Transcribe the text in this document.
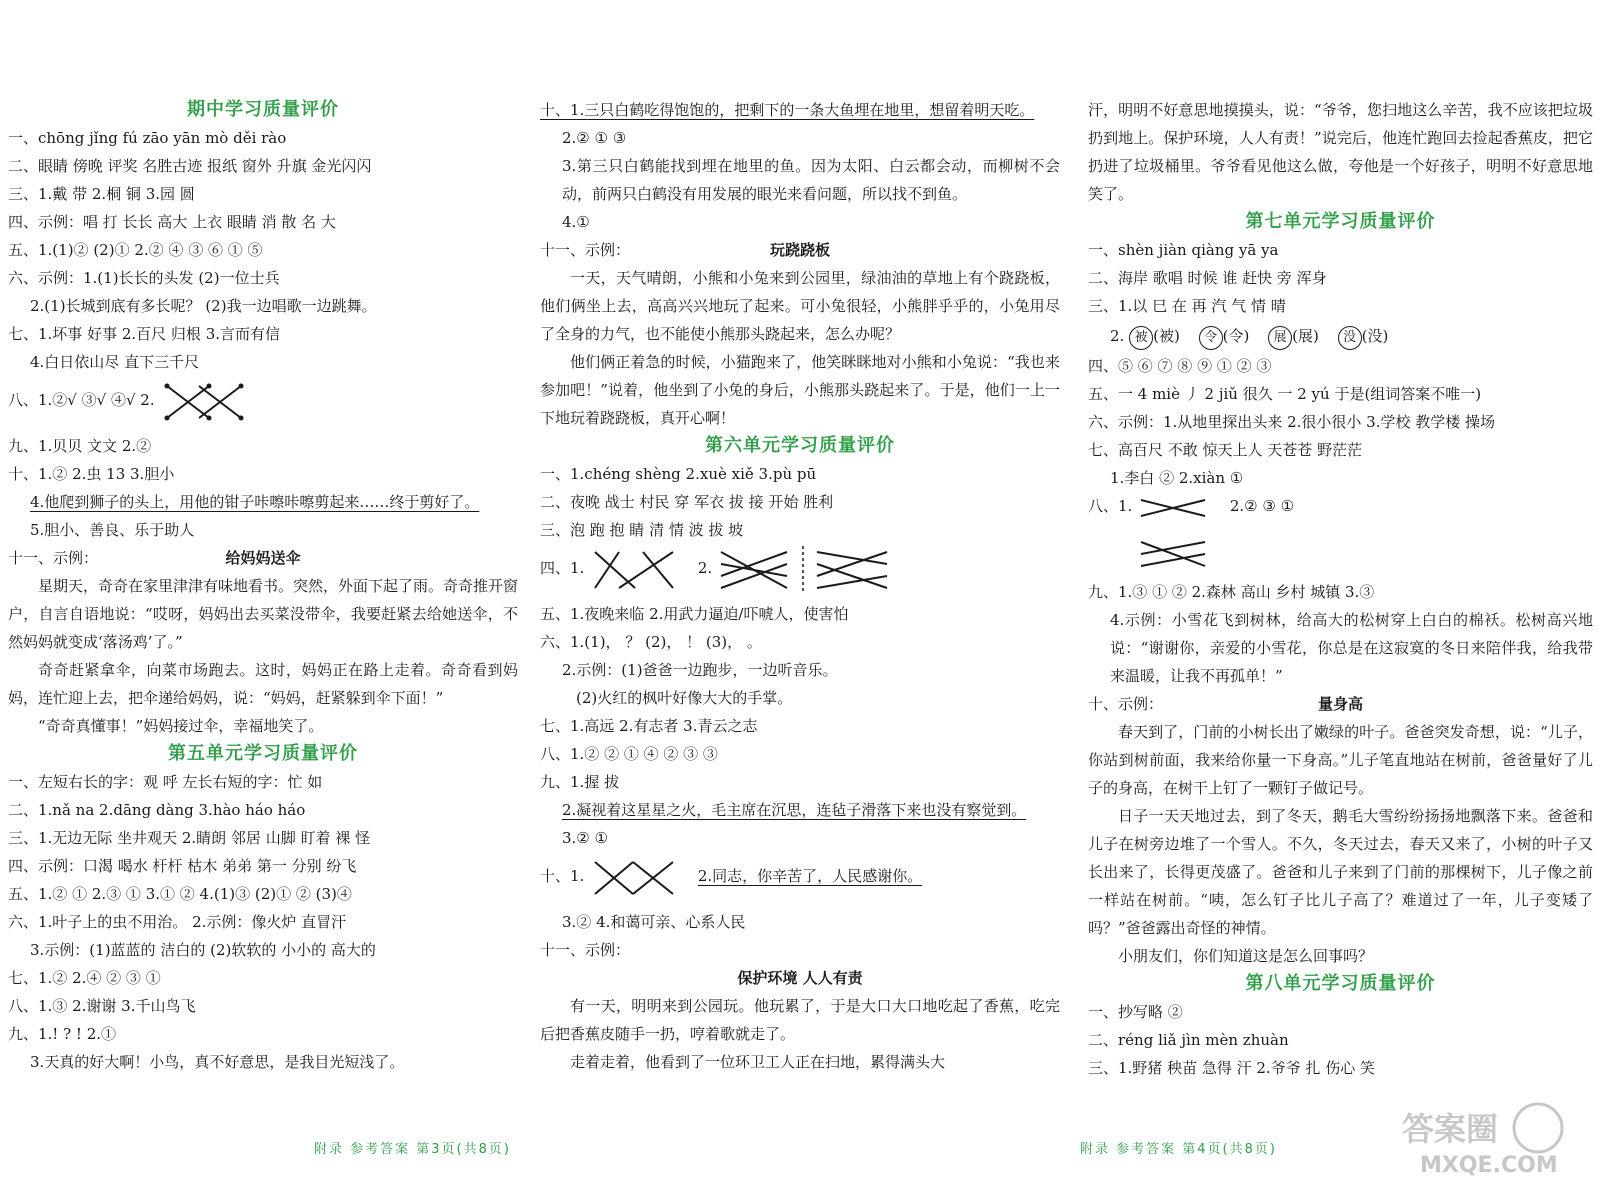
期中学习质量评价
一、chōng jǐng fú zāo yān mò děi rào
二、眼睛 傍晚 评奖 名胜古迹 报纸 窗外 升旗 金光闪闪
三、1.戴 带 2.桐 铜 3.园 圆
四、示例：唱 打 长长 高大 上衣 眼睛 消 散 名 大
五、1.(1)② (2)① 2.② ④ ③ ⑥ ① ⑤
六、示例：1.(1)长长的头发 (2)一位士兵
2.(1)长城到底有多长呢？ (2)我一边唱歌一边跳舞。
七、1.坏事 好事 2.百尺 归根 3.言而有信
4.白日依山尽 直下三千尺
八、1.②√ ③√ ④√ 2.
九、1.贝贝 文文 2.②
十、1.② 2.虫 13 3.胆小
4.他爬到狮子的头上，用他的钳子咔嚓咔嚓剪起来……终于剪好了。
5.胆小、善良、乐于助人
十一、示例：	给妈妈送伞
星期天，奇奇在家里津津有味地看书。突然，外面下起了雨。奇奇推开窗户，自言自语地说：“哎呀，妈妈出去买菜没带伞，我要赶紧去给她送伞，不然妈妈就变成‘落汤鸡’了。”
奇奇赶紧拿伞，向菜市场跑去。这时，妈妈正在路上走着。奇奇看到妈妈，连忙迎上去，把伞递给妈妈，说：“妈妈，赶紧躲到伞下面！”
“奇奇真懂事！”妈妈接过伞，幸福地笑了。
第五单元学习质量评价
一、左短右长的字：观 呼 左长右短的字：忙 如
二、1.nǎ na 2.dāng dàng 3.hào háo háo
三、1.无边无际 坐井观天 2.睛朗 邻居 山脚 盯着 裸 怪
四、示例：口渴 喝水 杆杆 枯木 弟弟 第一 分别 纷飞
五、1.② ① 2.③ ① 3.① ② 4.(1)③ (2)① ② (3)④
六、1.叶子上的虫不用治。 2.示例：像火炉 直冒汗
3.示例：(1)蓝蓝的 洁白的 (2)软软的 小小的 高大的
七、1.② 2.④ ② ③ ①
八、1.③ 2.谢谢 3.千山鸟飞
九、1.! ? ! 2.①
3.天真的好大啊！小鸟，真不好意思，是我目光短浅了。
十、1.三只白鹤吃得饱饱的，把剩下的一条大鱼埋在地里，想留着明天吃。
2.② ① ③
3.第三只白鹤能找到埋在地里的鱼。因为太阳、白云都会动，而柳树不会动，前两只白鹤没有用发展的眼光来看问题，所以找不到鱼。
4.①
十一、示例：	玩跷跷板
一天，天气晴朗，小熊和小兔来到公园里，绿油油的草地上有个跷跷板，他们俩坐上去，高高兴兴地玩了起来。可小兔很轻，小熊胖乎乎的，小兔用尽了全身的力气，也不能使小熊那头跷起来，怎么办呢？
他们俩正着急的时候，小猫跑来了，他笑眯眯地对小熊和小兔说：“我也来参加吧！”说着，他坐到了小兔的身后，小熊那头跷起来了。于是，他们一上一下地玩着跷跷板，真开心啊！
第六单元学习质量评价
一、1.chéng shèng 2.xuè xiě 3.pù pū
二、夜晚 战士 村民 穿 军衣 拔 接 开始 胜利
三、泡 跑 抱 睛 清 情 波 拔 坡
四、1.	2.
五、1.夜晚来临 2.用武力逼迫/吓唬人，使害怕
六、1.(1)， ？ (2)， ！ (3)， 。
2.示例：(1)爸爸一边跑步，一边听音乐。
(2)火红的枫叶好像大大的手掌。
七、1.高远 2.有志者 3.青云之志
八、1.② ② ① ④ ② ③ ③
九、1.握 拔
2.凝视着这星星之火，毛主席在沉思，连毡子滑落下来也没有察觉到。
3.② ①
十、1.	2.同志，你辛苦了，人民感谢你。
3.② 4.和蔼可亲、心系人民
十一、示例：
保护环境 人人有责
有一天，明明来到公园玩。他玩累了，于是大口大口地吃起了香蕉，吃完后把香蕉皮随手一扔，哼着歌就走了。
走着走着，他看到了一位环卫工人正在扫地，累得满头大
汗，明明不好意思地摸摸头，说：“爷爷，您扫地这么辛苦，我不应该把垃圾扔到地上。保护环境，人人有责！”说完后，他连忙跑回去捡起香蕉皮，把它扔进了垃圾桶里。爷爷看见他这么做，夸他是一个好孩子，明明不好意思地笑了。
第七单元学习质量评价
一、shèn jiàn qiàng yā ya
二、海岸 歌唱 时候 谁 赶快 旁 浑身
三、1.以 巳 在 再 汽 气 情 晴
2. 被 (被) 令 (令) 展 (展) 没 (没)
四、⑤ ⑥ ⑦ ⑧ ⑨ ① ② ③
五、一 4 miè 丿 2 jiǔ 很久 一 2 yú 于是(组词答案不唯一)
六、示例：1.从地里探出头来 2.很小很小 3.学校 教学楼 操场
七、高百尺 不敢 惊天上人 天苍苍 野茫茫
1.李白 ② 2.xiàn ①
八、1.	2.② ③ ①
九、1.③ ① ② 2.森林 高山 乡村 城镇 3.③
4.示例：小雪花飞到树林，给高大的松树穿上白白的棉袄。松树高兴地说：“谢谢你，亲爱的小雪花，你总是在这寂寞的冬日来陪伴我，给我带来温暖，让我不再孤单！”
十、示例：	量身高
春天到了，门前的小树长出了嫩绿的叶子。爸爸突发奇想，说：“儿子，你站到树前面，我来给你量一下身高。”儿子笔直地站在树前，爸爸量好了儿子的身高，在树干上钉了一颗钉子做记号。
日子一天天地过去，到了冬天，鹅毛大雪纷纷扬扬地飘落下来。爸爸和儿子在树旁边堆了一个雪人。不久，冬天过去，春天又来了，小树的叶子又长出来了，长得更茂盛了。爸爸和儿子来到了门前的那棵树下，儿子像之前一样站在树前。“咦，怎么钉子比儿子高了？难道过了一年，儿子变矮了吗？”爸爸露出奇怪的神情。
小朋友们，你们知道这是怎么回事吗？
第八单元学习质量评价
一、抄写略 ②
二、réng liǎ jìn mèn zhuàn
三、1.野猪 秧苗 急得 汗 2.爷爷 扎 伤心 笑
附录 参考答案 第3页(共8页)	附录 参考答案 第4页(共8页)
答案圈
MXQE.COM
